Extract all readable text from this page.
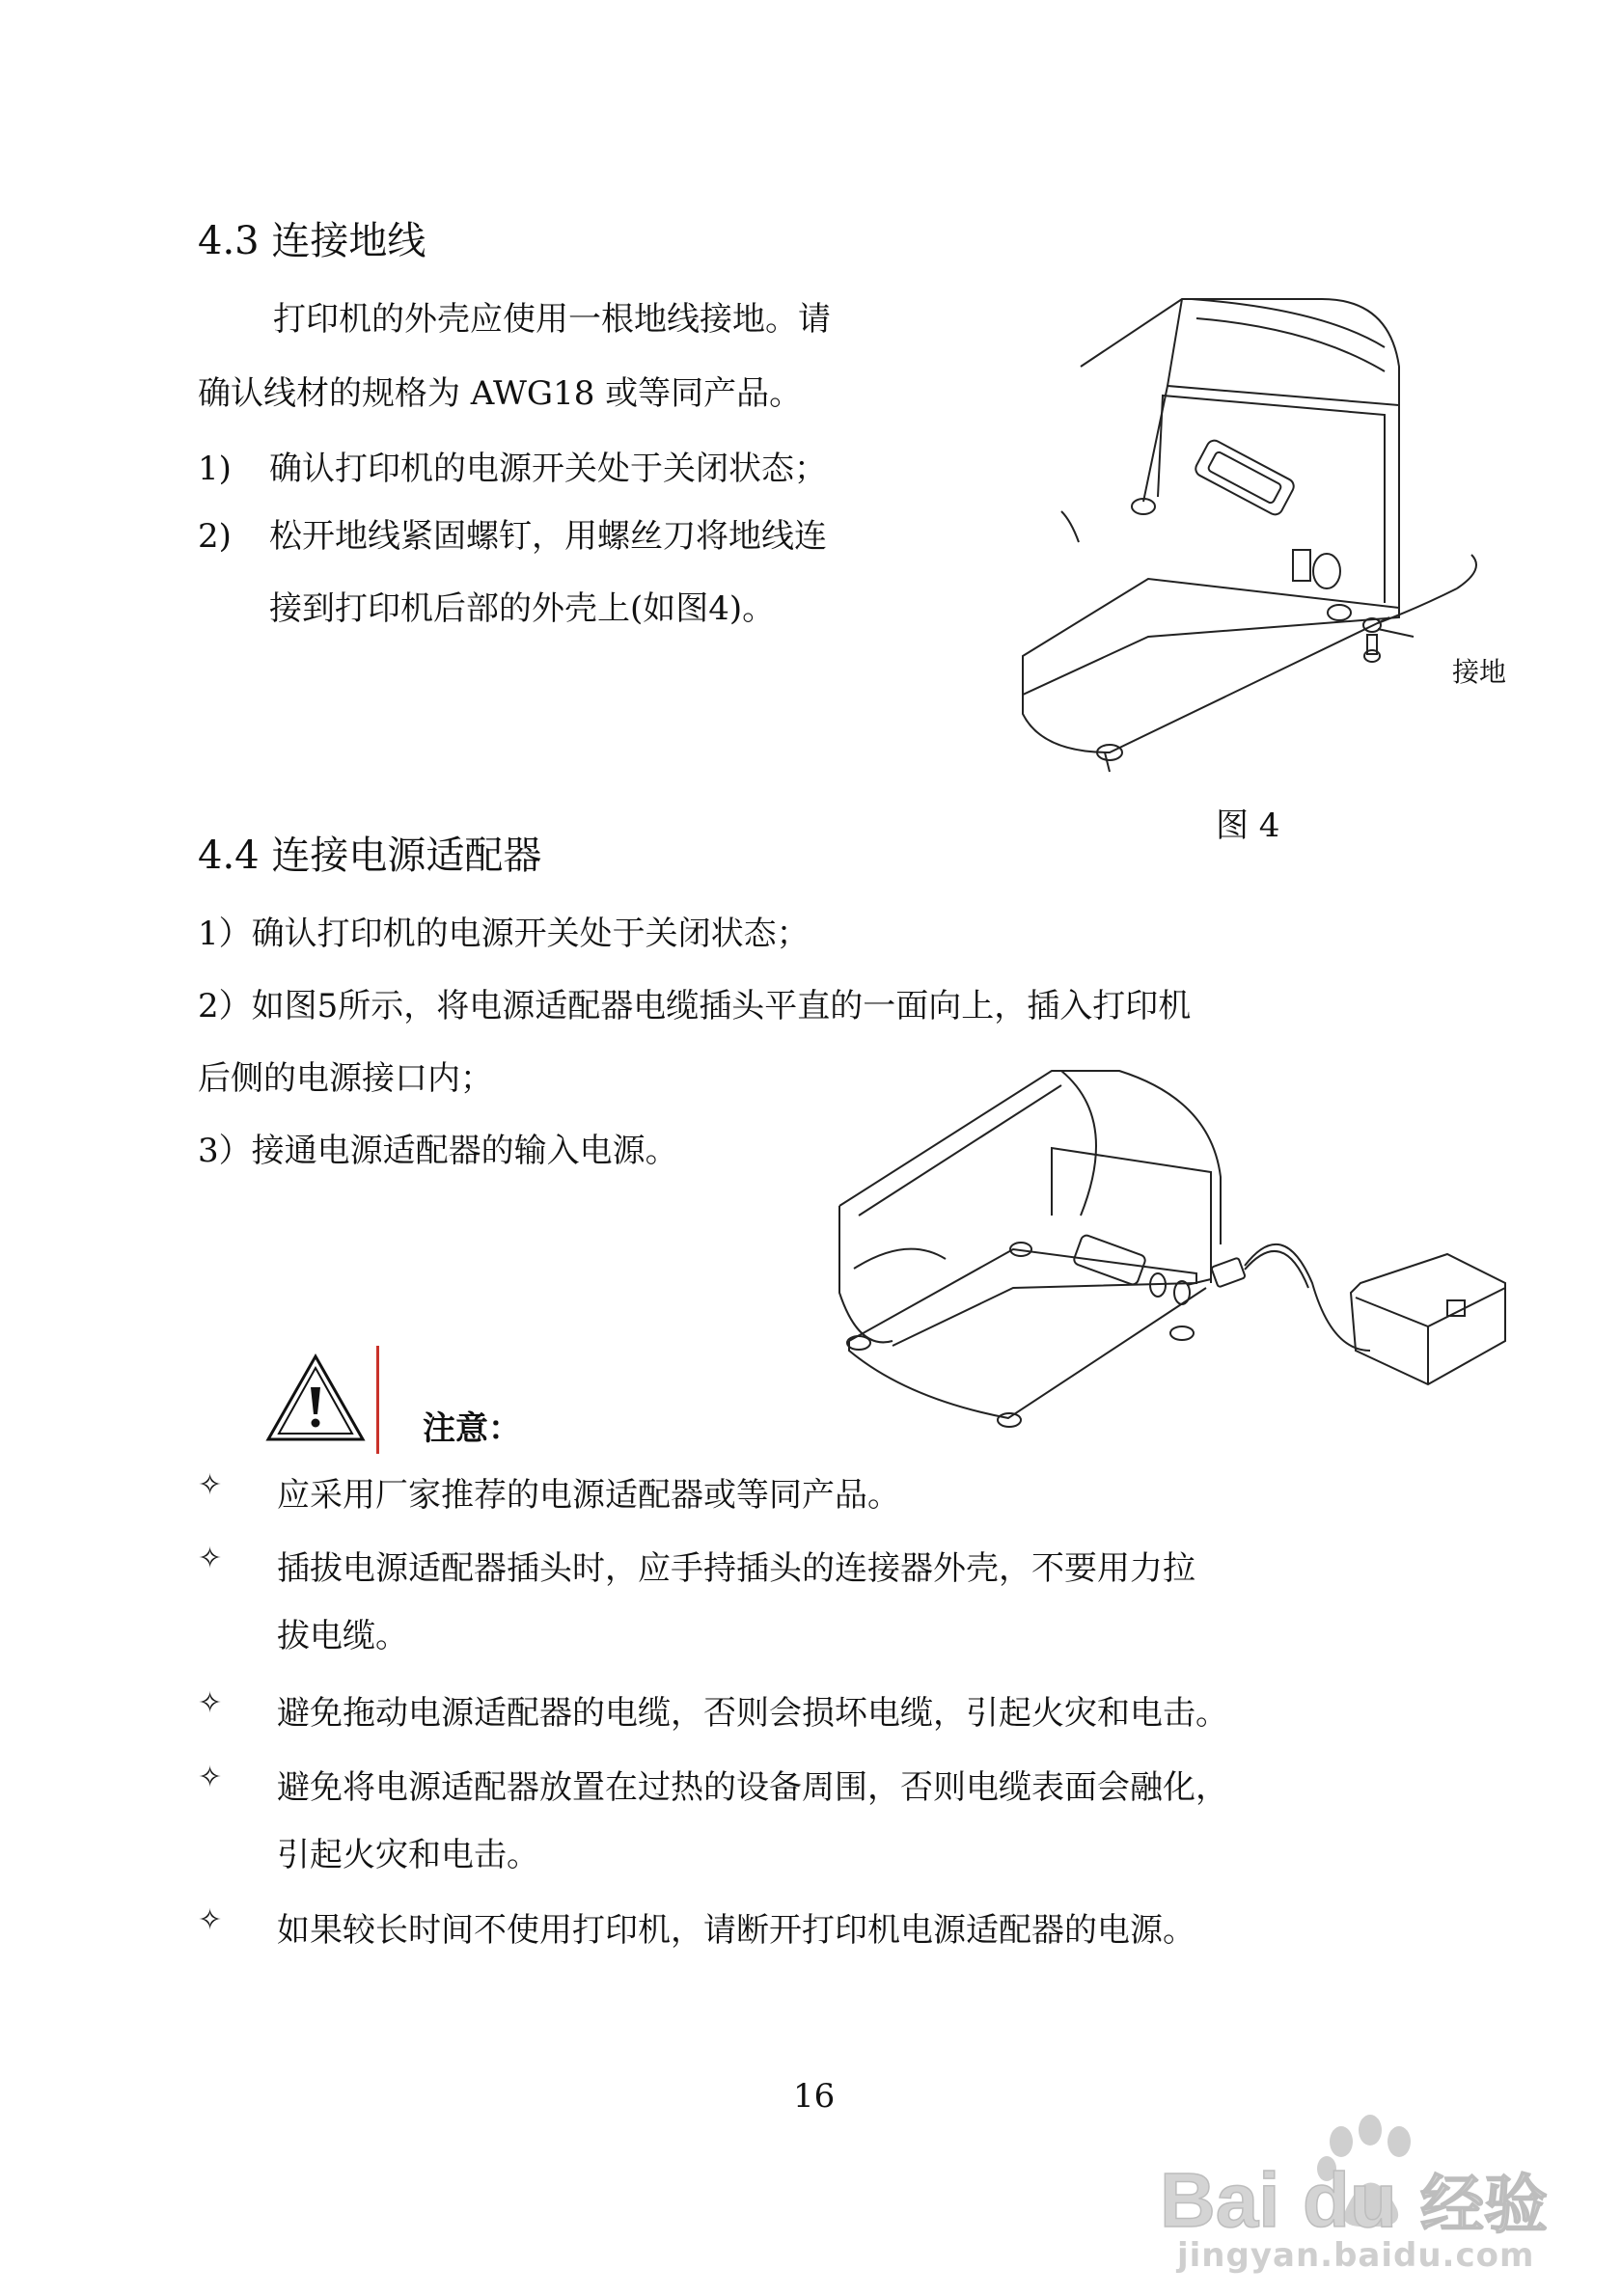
4.3 连接地线
打印机的外壳应使用一根地线接地。请
确认线材的规格为 AWG18 或等同产品。
1) 确认打印机的电源开关处于关闭状态；
2) 松开地线紧固螺钉，用螺丝刀将地线连
接到打印机后部的外壳上(如图4)。
接地
图 4
4.4 连接电源适配器
1）确认打印机的电源开关处于关闭状态；
2）如图5所示，将电源适配器电缆插头平直的一面向上，插入打印机
后侧的电源接口内；
3）接通电源适配器的输入电源。
注意：
✧ 应采用厂家推荐的电源适配器或等同产品。
✧ 插拔电源适配器插头时，应手持插头的连接器外壳，不要用力拉
拔电缆。
✧ 避免拖动电源适配器的电缆，否则会损坏电缆，引起火灾和电击。
✧ 避免将电源适配器放置在过热的设备周围，否则电缆表面会融化，
引起火灾和电击。
✧ 如果较长时间不使用打印机，请断开打印机电源适配器的电源。
16
Bai du 经验
jingyan.baidu.com
